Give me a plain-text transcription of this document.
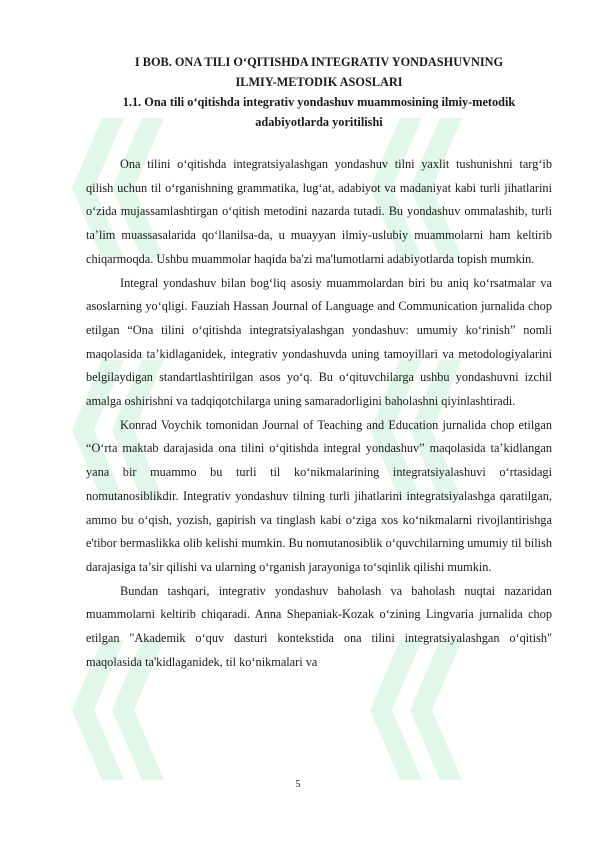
I BOB. ONA TILI O‘QITISHDA INTEGRATIV YONDASHUVNING
ILMIY-METODIK ASOSLARI
1.1. Ona tili o‘qitishda integrativ yondashuv muammosining ilmiy-metodik
adabiyotlarda yoritilishi

Ona tilini o‘qitishda integratsiyalashgan yondashuv tilni yaxlit tushunishni targ‘ib qilish uchun til o‘rganishning grammatika, lug‘at, adabiyot va madaniyat kabi turli jihatlarini o‘zida mujassamlashtirgan o‘qitish metodini nazarda tutadi. Bu yondashuv ommalashib, turli ta’lim muassasalarida qo‘llanilsa-da, u muayyan ilmiy-uslubiy muammolarni ham keltirib chiqarmoqda. Ushbu muammolar haqida ba'zi ma'lumotlarni adabiyotlarda topish mumkin.

Integral yondashuv bilan bog‘liq asosiy muammolardan biri bu aniq ko‘rsatmalar va asoslarning yo‘qligi. Fauziah Hassan Journal of Language and Communication jurnalida chop etilgan “Ona tilini o‘qitishda integratsiyalashgan yondashuv: umumiy ko‘rinish” nomli maqolasida ta’kidlaganidek, integrativ yondashuvda uning tamoyillari va metodologiyalarini belgilaydigan standartlashtirilgan asos yo‘q. Bu o‘qituvchilarga ushbu yondashuvni izchil amalga oshirishni va tadqiqotchilarga uning samaradorligini baholashni qiyinlashtiradi.

Konrad Voychik tomonidan Journal of Teaching and Education jurnalida chop etilgan “O‘rta maktab darajasida ona tilini o‘qitishda integral yondashuv” maqolasida ta’kidlangan yana bir muammo bu turli til ko‘nikmalarining integratsiyalashuvi o‘rtasidagi nomutanosiblikdir. Integrativ yondashuv tilning turli jihatlarini integratsiyalashga qaratilgan, ammo bu o‘qish, yozish, gapirish va tinglash kabi o‘ziga xos ko‘nikmalarni rivojlantirishga e'tibor bermaslikka olib kelishi mumkin. Bu nomutanosiblik o‘quvchilarning umumiy til bilish darajasiga ta’sir qilishi va ularning o‘rganish jarayoniga to‘sqinlik qilishi mumkin.

Bundan tashqari, integrativ yondashuv baholash va baholash nuqtai nazaridan muammolarni keltirib chiqaradi. Anna Shepaniak-Kozak o‘zining Lingvaria jurnalida chop etilgan "Akademik o‘quv dasturi kontekstida ona tilini integratsiyalashgan o‘qitish" maqolasida ta'kidlaganidek, til ko‘nikmalari va

5
